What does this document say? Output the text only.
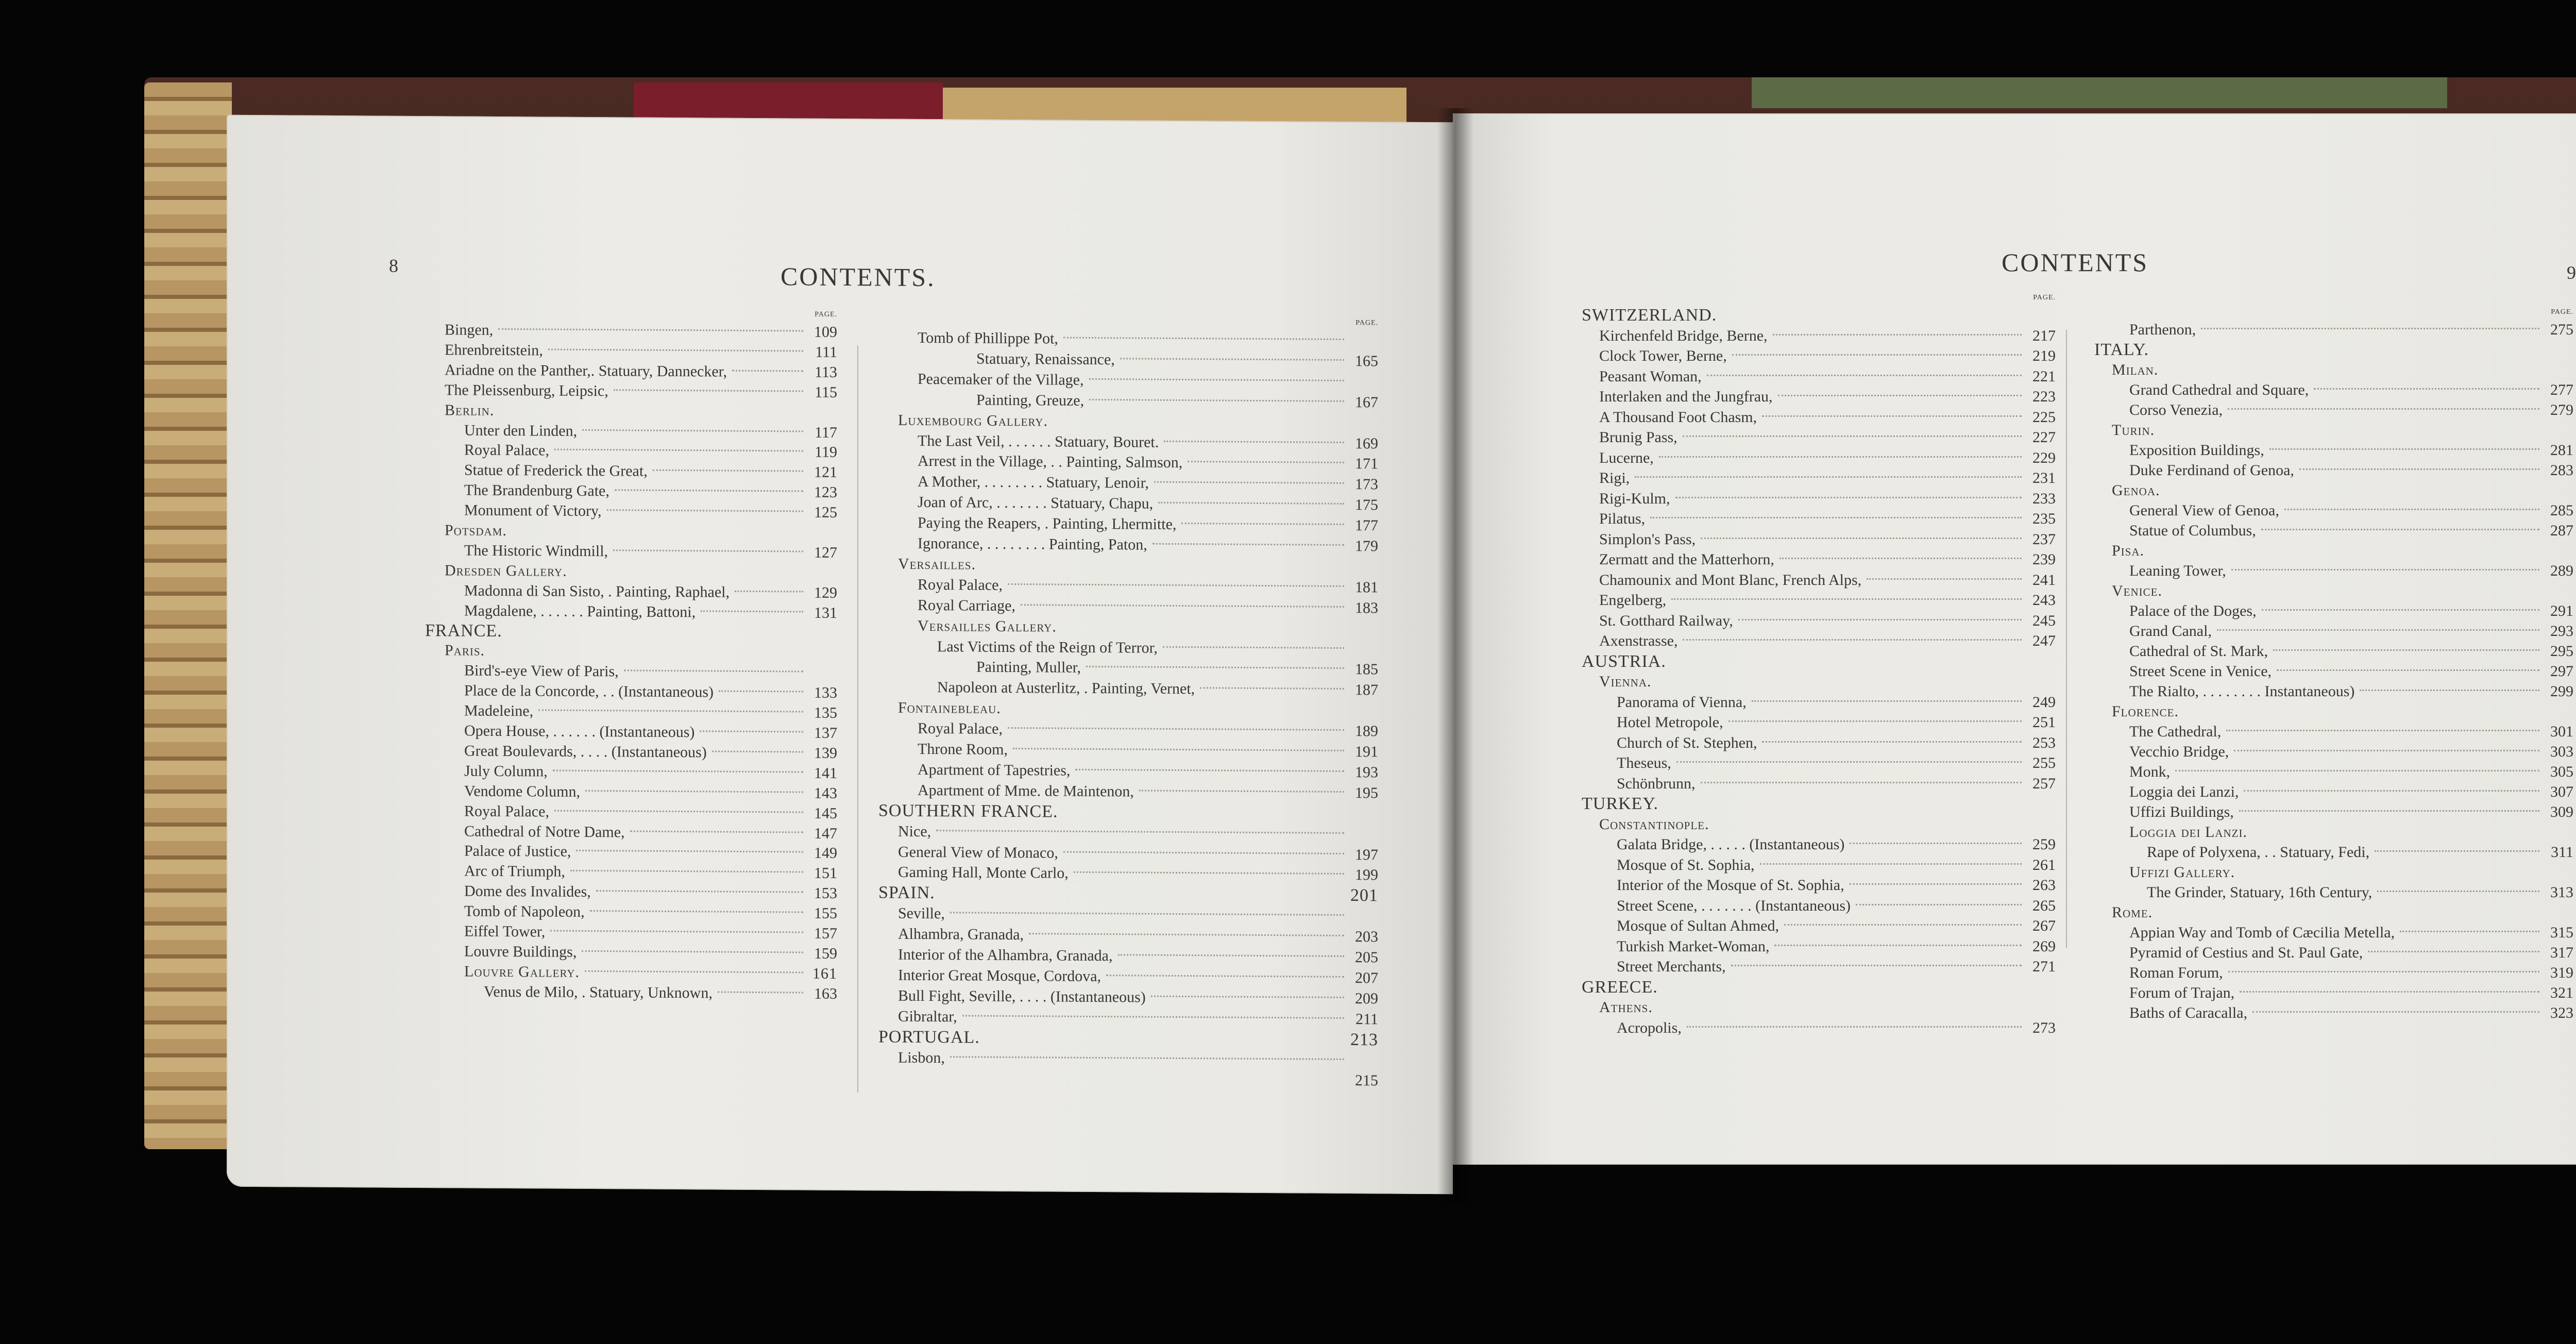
8	CONTENTS.
PAGE.
Bingen,	109
Ehrenbreitstein,	111
Ariadne on the Panther,. Statuary, Dannecker,	113
The Pleissenburg, Leipsic,	115
Berlin.
Unter den Linden,	117
Royal Palace,	119
Statue of Frederick the Great,	121
The Brandenburg Gate,	123
Monument of Victory,	125
Potsdam.
The Historic Windmill,	127
Dresden Gallery.
Madonna di San Sisto, . Painting, Raphael,	129
Magdalene, . . . . . . Painting, Battoni,	131
FRANCE.
Paris.
Bird's-eye View of Paris,
Place de la Concorde, . . (Instantaneous)	133
Madeleine,	135
Opera House, . . . . . . (Instantaneous)	137
Great Boulevards, . . . . (Instantaneous)	139
July Column,	141
Vendome Column,	143
Royal Palace,	145
Cathedral of Notre Dame,	147
Palace of Justice,	149
Arc of Triumph,	151
Dome des Invalides,	153
Tomb of Napoleon,	155
Eiffel Tower,	157
Louvre Buildings,	159
Louvre Gallery.	161
Venus de Milo, . Statuary, Unknown,	163
PAGE.
Tomb of Phillippe Pot,
Statuary, Renaissance,	165
Peacemaker of the Village,
Painting, Greuze,	167
Luxembourg Gallery.
The Last Veil, . . . . . . Statuary, Bouret.	169
Arrest in the Village, . . Painting, Salmson,	171
A Mother, . . . . . . . . Statuary, Lenoir,	173
Joan of Arc, . . . . . . . Statuary, Chapu,	175
Paying the Reapers, . Painting, Lhermitte,	177
Ignorance, . . . . . . . . Painting, Paton,	179
Versailles.
Royal Palace,	181
Royal Carriage,	183
Versailles Gallery.
Last Victims of the Reign of Terror,
Painting, Muller,	185
Napoleon at Austerlitz, . Painting, Vernet,	187
Fontainebleau.
Royal Palace,	189
Throne Room,	191
Apartment of Tapestries,	193
Apartment of Mme. de Maintenon,	195
SOUTHERN FRANCE.
Nice,
General View of Monaco,	197
Gaming Hall, Monte Carlo,	199
SPAIN.	201
Seville,
Alhambra, Granada,	203
Interior of the Alhambra, Granada,	205
Interior Great Mosque, Cordova,	207
Bull Fight, Seville, . . . . (Instantaneous)	209
Gibraltar,	211
PORTUGAL.	213
Lisbon,
215
9
CONTENTS
PAGE.
SWITZERLAND.
Kirchenfeld Bridge, Berne,	217
Clock Tower, Berne,	219
Peasant Woman,	221
Interlaken and the Jungfrau,	223
A Thousand Foot Chasm,	225
Brunig Pass,	227
Lucerne,	229
Rigi,	231
Rigi-Kulm,	233
Pilatus,	235
Simplon's Pass,	237
Zermatt and the Matterhorn,	239
Chamounix and Mont Blanc, French Alps,	241
Engelberg,	243
St. Gotthard Railway,	245
Axenstrasse,	247
AUSTRIA.
Vienna.
Panorama of Vienna,	249
Hotel Metropole,	251
Church of St. Stephen,	253
Theseus,	255
Schönbrunn,	257
TURKEY.
Constantinople.
Galata Bridge, . . . . . (Instantaneous)	259
Mosque of St. Sophia,	261
Interior of the Mosque of St. Sophia,	263
Street Scene, . . . . . . . (Instantaneous)	265
Mosque of Sultan Ahmed,	267
Turkish Market-Woman,	269
Street Merchants,	271
GREECE.
Athens.
Acropolis,	273
PAGE.
Parthenon,	275
ITALY.
Milan.
Grand Cathedral and Square,	277
Corso Venezia,	279
Turin.
Exposition Buildings,	281
Duke Ferdinand of Genoa,	283
Genoa.
General View of Genoa,	285
Statue of Columbus,	287
Pisa.
Leaning Tower,	289
Venice.
Palace of the Doges,	291
Grand Canal,	293
Cathedral of St. Mark,	295
Street Scene in Venice,	297
The Rialto, . . . . . . . . Instantaneous)	299
Florence.
The Cathedral,	301
Vecchio Bridge,	303
Monk,	305
Loggia dei Lanzi,	307
Uffizi Buildings,	309
Loggia dei Lanzi.
Rape of Polyxena, . . Statuary, Fedi,	311
Uffizi Gallery.
The Grinder, Statuary, 16th Century,	313
Rome.
Appian Way and Tomb of Cæcilia Metella,	315
Pyramid of Cestius and St. Paul Gate,	317
Roman Forum,	319
Forum of Trajan,	321
Baths of Caracalla,	323
